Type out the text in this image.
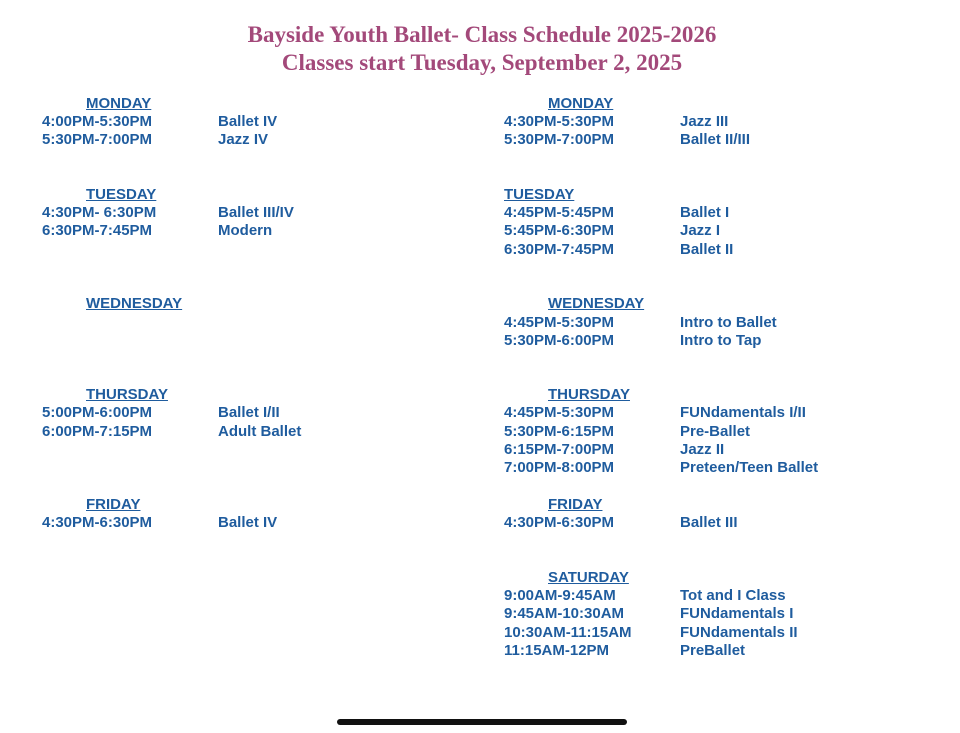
Bayside Youth Ballet- Class Schedule 2025-2026
Classes start Tuesday, September 2, 2025
MONDAY
4:00PM-5:30PM	Ballet IV
5:30PM-7:00PM	Jazz IV
TUESDAY
4:30PM- 6:30PM	Ballet III/IV
6:30PM-7:45PM	Modern
WEDNESDAY
THURSDAY
5:00PM-6:00PM	Ballet I/II
6:00PM-7:15PM	Adult Ballet
FRIDAY
4:30PM-6:30PM	Ballet IV
MONDAY
4:30PM-5:30PM	Jazz III
5:30PM-7:00PM	Ballet II/III
TUESDAY
4:45PM-5:45PM	Ballet I
5:45PM-6:30PM	Jazz I
6:30PM-7:45PM	Ballet II
WEDNESDAY
4:45PM-5:30PM	Intro to Ballet
5:30PM-6:00PM	Intro to Tap
THURSDAY
4:45PM-5:30PM	FUNdamentals I/II
5:30PM-6:15PM	Pre-Ballet
6:15PM-7:00PM	Jazz II
7:00PM-8:00PM	Preteen/Teen Ballet
FRIDAY
4:30PM-6:30PM	Ballet III
SATURDAY
9:00AM-9:45AM	Tot and I Class
9:45AM-10:30AM	FUNdamentals I
10:30AM-11:15AM	FUNdamentals II
11:15AM-12PM	PreBallet
